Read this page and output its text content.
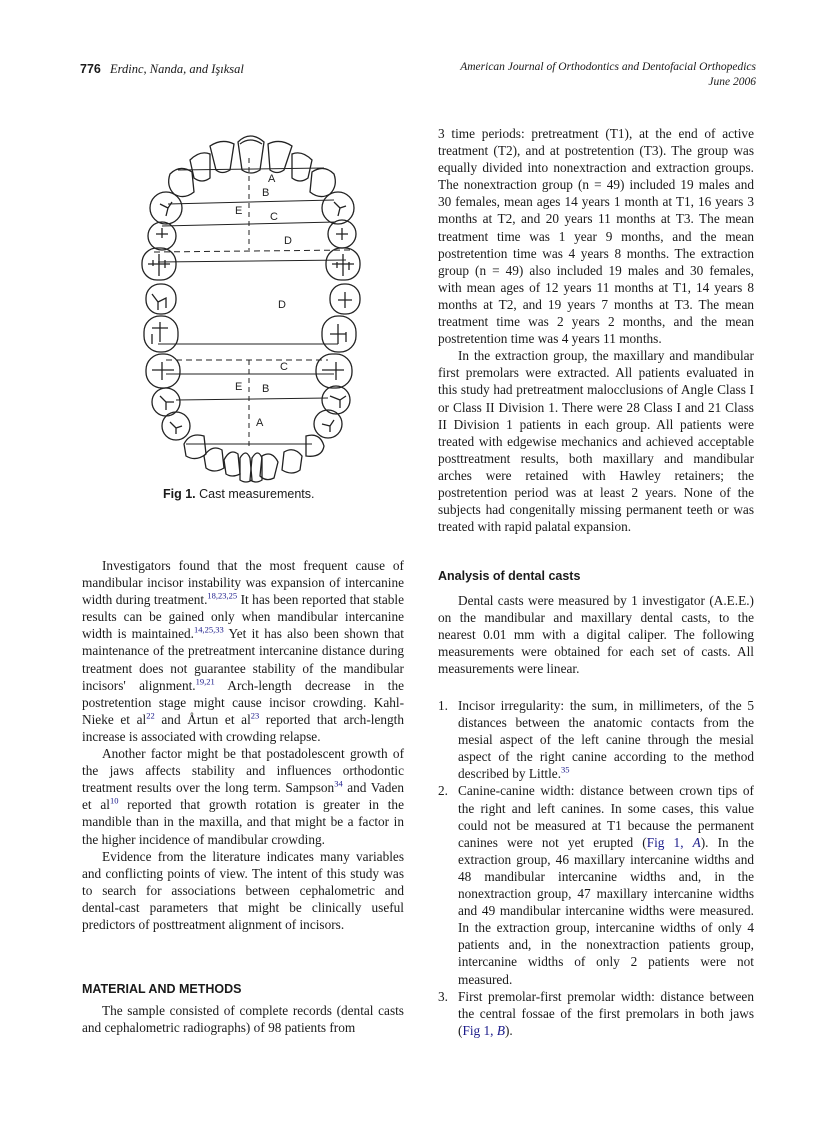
776 Erdinc, Nanda, and Işıksal	American Journal of Orthodontics and Dentofacial Orthopedics
June 2006
A
B
E	C
D
D
C
E B
A
Fig 1. Cast measurements.

Investigators found that the most frequent cause of mandibular incisor instability was expansion of intercanine width during treatment.$^{18,23,25}$ It has been reported that stable results can be gained only when mandibular intercanine width is maintained.$^{14,25,33}$ Yet it has also been shown that maintenance of the pretreatment intercanine distance during treatment does not guarantee stability of the mandibular incisors' alignment.$^{19,21}$ Arch-length decrease in the postretention stage might cause incisor crowding. Kahl-Nieke et $al^{22}$ and Årtun et $al^{23}$ reported that arch-length increase is associated with crowding relapse.

Another factor might be that postadolescent growth of the jaws affects stability and influences orthodontic treatment results over the long term. Sampson$^{34}$ and Vaden et $al^{10}$ reported that growth rotation is greater in the mandible than in the maxilla, and that might be a factor in the higher incidence of mandibular crowding.

Evidence from the literature indicates many variables and conflicting points of view. The intent of this study was to search for associations between cephalometric and dental-cast parameters that might be clinically useful predictors of posttreatment alignment of incisors.

MATERIAL AND METHODS

The sample consisted of complete records (dental casts and cephalometric radiographs) of 98 patients from

3 time periods: pretreatment (T1), at the end of active treatment (T2), and at postretention (T3). The group was equally divided into nonextraction and extraction groups. The nonextraction group (n = 49) included 19 males and 30 females, mean ages 14 years 1 month at T1, 16 years 3 months at T2, and 20 years 11 months at T3. The mean treatment time was 1 year 9 months, and the mean postretention time was 4 years 8 months. The extraction group (n = 49) also included 19 males and 30 females, with mean ages of 12 years 11 months at T1, 14 years 8 months at T2, and 19 years 7 months at T3. The mean treatment time was 2 years 2 months, and the mean postretention time was 4 years 11 months.

In the extraction group, the maxillary and mandibular first premolars were extracted. All patients evaluated in this study had pretreatment malocclusions of Angle Class I or Class II Division 1. There were 28 Class I and 21 Class II Division 1 patients in each group. All patients were treated with edgewise mechanics and achieved acceptable posttreatment results, both maxillary and mandibular arches were retained with Hawley retainers; the postretention period was at least 2 years. None of the subjects had congenitally missing permanent teeth or was treated with rapid palatal expansion.

Analysis of dental casts

Dental casts were measured by 1 investigator (A.E.E.) on the mandibular and maxillary dental casts, to the nearest 0.01 mm with a digital caliper. The following measurements were obtained for each set of casts. All measurements were linear.

1. Incisor irregularity: the sum, in millimeters, of the 5 distances between the anatomic contacts from the mesial aspect of the left canine through the mesial aspect of the right canine according to the method described by Little.$^{35}$
2. Canine-canine width: distance between crown tips of the right and left canines. In some cases, this value could not be measured at T1 because the permanent canines were not yet erupted (Fig 1, A). In the extraction group, 46 maxillary intercanine widths and 48 mandibular intercanine widths and, in the nonextraction group, 47 maxillary intercanine widths and 49 mandibular intercanine widths were measured. In the extraction group, intercanine widths of only 4 patients and, in the nonextraction patients group, intercanine widths of only 2 patients were not measured.
3. First premolar-first premolar width: distance between the central fossae of the first premolars in both jaws (Fig 1, B).
